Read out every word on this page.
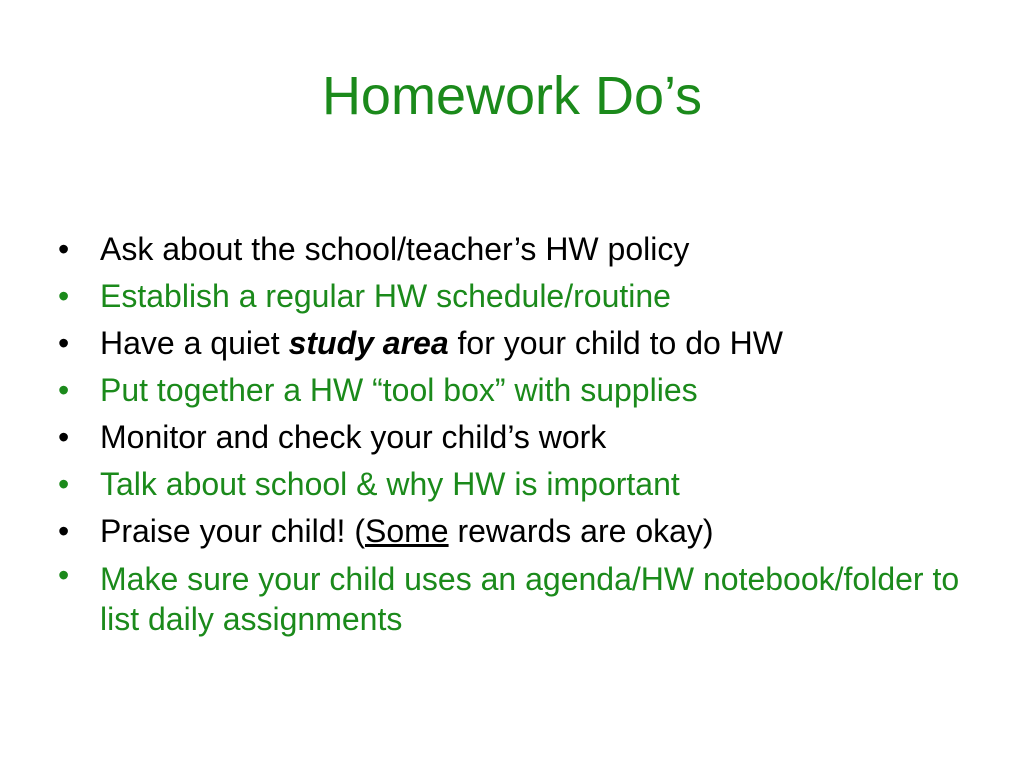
Homework Do’s
• Ask about the school/teacher’s HW policy
• Establish a regular HW schedule/routine
• Have a quiet study area for your child to do HW
• Put together a HW “tool box” with supplies
• Monitor and check your child’s work
• Talk about school & why HW is important
• Praise your child! (Some rewards are okay)
• Make sure your child uses an agenda/HW notebook/folder to list daily assignments
